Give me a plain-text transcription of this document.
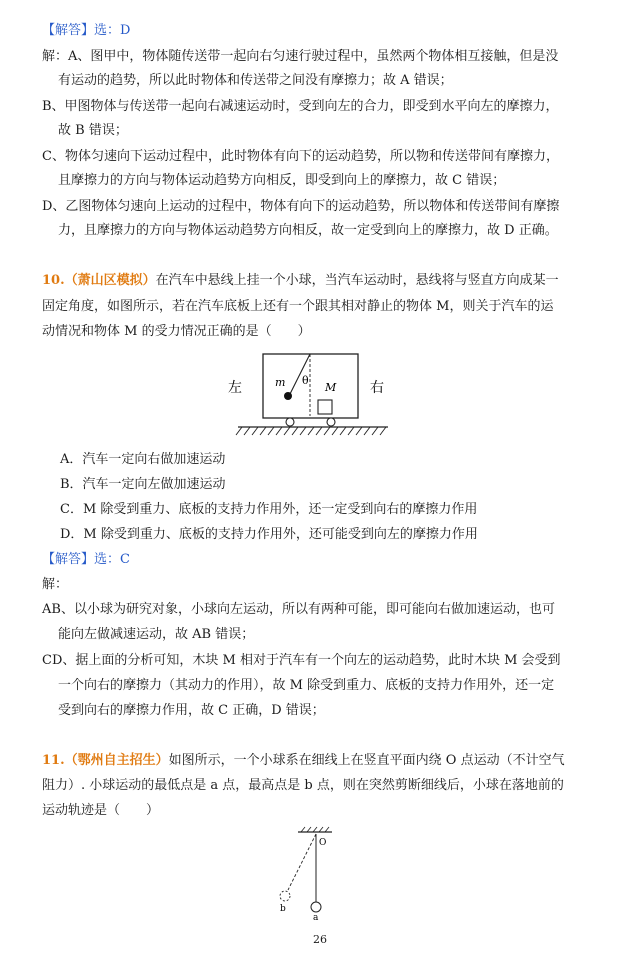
【解答】选：D
解：A、图甲中，物体随传送带一起向右匀速行驶过程中，虽然两个物体相互接触，但是没
有运动的趋势，所以此时物体和传送带之间没有摩擦力；故 A 错误；
B、甲图物体与传送带一起向右减速运动时，受到向左的合力，即受到水平向左的摩擦力，
故 B 错误；
C、物体匀速向下运动过程中，此时物体有向下的运动趋势，所以物和传送带间有摩擦力，
且摩擦力的方向与物体运动趋势方向相反，即受到向上的摩擦力，故 C 错误；
D、乙图物体匀速向上运动的过程中，物体有向下的运动趋势，所以物体和传送带间有摩擦
力，且摩擦力的方向与物体运动趋势方向相反，故一定受到向上的摩擦力，故 D 正确。
10.（萧山区模拟）在汽车中悬线上挂一个小球，当汽车运动时，悬线将与竖直方向成某一
固定角度，如图所示，若在汽车底板上还有一个跟其相对静止的物体 M，则关于汽车的运
动情况和物体 M 的受力情况正确的是（　　）
左	右
m θ
M
A．汽车一定向右做加速运动
B．汽车一定向左做加速运动
C．M 除受到重力、底板的支持力作用外，还一定受到向右的摩擦力作用
D．M 除受到重力、底板的支持力作用外，还可能受到向左的摩擦力作用
【解答】选：C
解：
AB、以小球为研究对象，小球向左运动，所以有两种可能，即可能向右做加速运动，也可
能向左做减速运动，故 AB 错误；
CD、据上面的分析可知，木块 M 相对于汽车有一个向左的运动趋势，此时木块 M 会受到
一个向右的摩擦力（其动力的作用），故 M 除受到重力、底板的支持力作用外，还一定
受到向右的摩擦力作用，故 C 正确，D 错误；
11.（鄂州自主招生）如图所示，一个小球系在细线上在竖直平面内绕 O 点运动（不计空气
阻力）. 小球运动的最低点是 a 点，最高点是 b 点，则在突然剪断细线后，小球在落地前的
运动轨迹是（　　）
O
a
b
26
